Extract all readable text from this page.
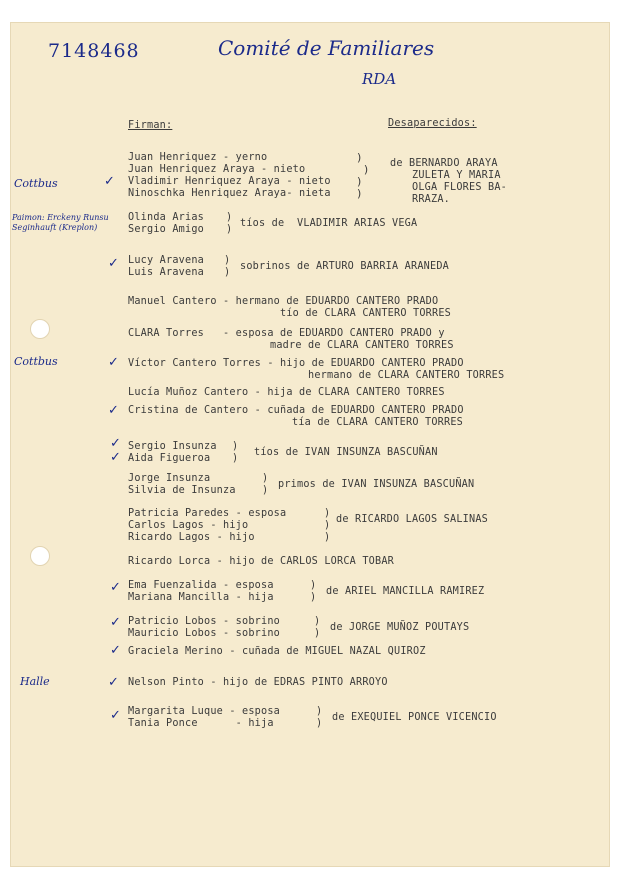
7148468	Comité de Familiares
RDA
Firman:	Desaparecidos:
Cottbus
Paimon: Erckeny Runsu Seginhauft (Kreplon)
Cottbus
Halle
✓
✓
✓
✓
✓
✓
✓
✓
✓
✓
✓
Juan Henriquez - yerno
Juan Henriquez Araya - nieto
Vladimir Henriquez Araya - nieto
Ninoschka Henriquez Araya- nieta
)
)
)
)
de BERNARDO ARAYA
ZULETA Y MARIA
OLGA FLORES BA-
RRAZA.
Olinda Arias
Sergio Amigo
)
)
tíos de  VLADIMIR ARIAS VEGA
Lucy Aravena
Luis Aravena
)
)
sobrinos de ARTURO BARRIA ARANEDA
Manuel Cantero - hermano de EDUARDO CANTERO PRADO
tío de CLARA CANTERO TORRES
CLARA Torres   - esposa de EDUARDO CANTERO PRADO y
madre de CLARA CANTERO TORRES
Víctor Cantero Torres - hijo de EDUARDO CANTERO PRADO
hermano de CLARA CANTERO TORRES
Lucía Muñoz Cantero - hija de CLARA CANTERO TORRES
Cristina de Cantero - cuñada de EDUARDO CANTERO PRADO
tía de CLARA CANTERO TORRES
Sergio Insunza
Aida Figueroa
)
)
tíos de IVAN INSUNZA BASCUÑAN
Jorge Insunza
Silvia de Insunza
)
)
primos de IVAN INSUNZA BASCUÑAN
Patricia Paredes - esposa
Carlos Lagos - hijo
Ricardo Lagos - hijo
)
)
)
de RICARDO LAGOS SALINAS
Ricardo Lorca - hijo de CARLOS LORCA TOBAR
Ema Fuenzalida - esposa
Mariana Mancilla - hija
)
)
de ARIEL MANCILLA RAMIREZ
Patricio Lobos - sobrino
Mauricio Lobos - sobrino
)
)
de JORGE MUÑOZ POUTAYS
Graciela Merino - cuñada de MIGUEL NAZAL QUIROZ
Nelson Pinto - hijo de EDRAS PINTO ARROYO
Margarita Luque - esposa
Tania Ponce      - hija
)
)
de EXEQUIEL PONCE VICENCIO
